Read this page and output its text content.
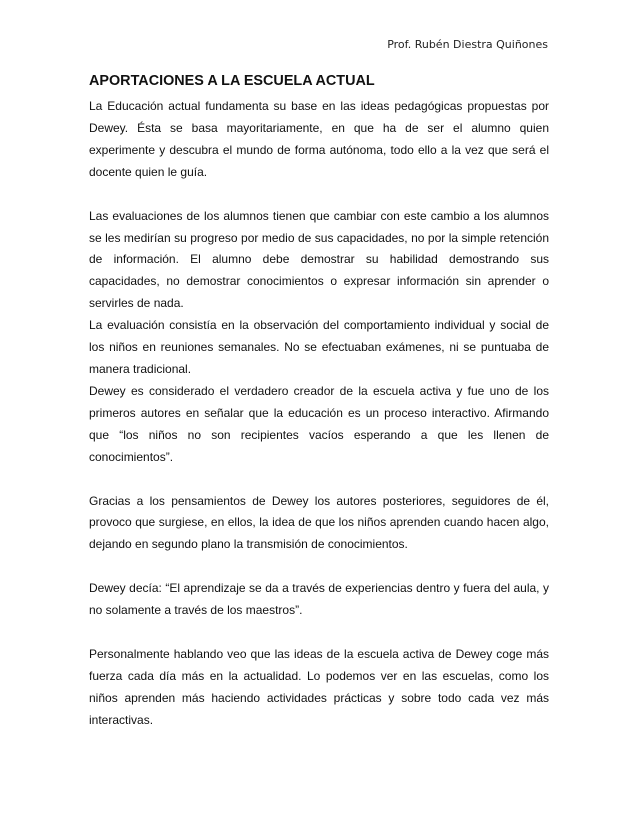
Prof. Rubén Diestra Quiñones
APORTACIONES A LA ESCUELA ACTUAL

La Educación actual fundamenta su base en las ideas pedagógicas propuestas por Dewey. Ésta se basa mayoritariamente, en que ha de ser el alumno quien experimente y descubra el mundo de forma autónoma, todo ello a la vez que será el docente quien le guía.

Las evaluaciones de los alumnos tienen que cambiar con este cambio a los alumnos se les medirían su progreso por medio de sus capacidades, no por la simple retención de información. El alumno debe demostrar su habilidad demostrando sus capacidades, no demostrar conocimientos o expresar información sin aprender o servirles de nada.

La evaluación consistía en la observación del comportamiento individual y social de los niños en reuniones semanales. No se efectuaban exámenes, ni se puntuaba de manera tradicional.

Dewey es considerado el verdadero creador de la escuela activa y fue uno de los primeros autores en señalar que la educación es un proceso interactivo. Afirmando que “los niños no son recipientes vacíos esperando a que les llenen de conocimientos”.

Gracias a los pensamientos de Dewey los autores posteriores, seguidores de él, provoco que surgiese, en ellos, la idea de que los niños aprenden cuando hacen algo, dejando en segundo plano la transmisión de conocimientos.

Dewey decía: “El aprendizaje se da a través de experiencias dentro y fuera del aula, y no solamente a través de los maestros”.

Personalmente hablando veo que las ideas de la escuela activa de Dewey coge más fuerza cada día más en la actualidad. Lo podemos ver en las escuelas, como los niños aprenden más haciendo actividades prácticas y sobre todo cada vez más interactivas.
